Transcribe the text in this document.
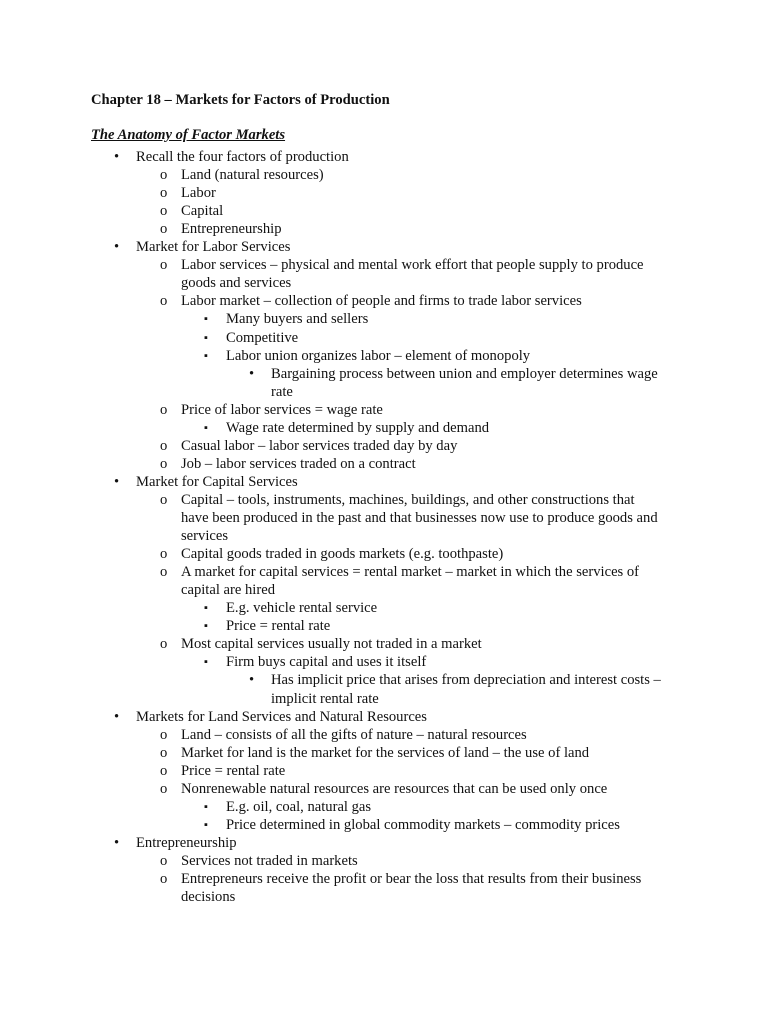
Chapter 18 – Markets for Factors of Production
The Anatomy of Factor Markets
• Recall the four factors of production
o Land (natural resources)
o Labor
o Capital
o Entrepreneurship
• Market for Labor Services
o Labor services – physical and mental work effort that people supply to produce
goods and services
o Labor market – collection of people and firms to trade labor services
▪ Many buyers and sellers
▪ Competitive
▪ Labor union organizes labor – element of monopoly
• Bargaining process between union and employer determines wage
rate
o Price of labor services = wage rate
▪ Wage rate determined by supply and demand
o Casual labor – labor services traded day by day
o Job – labor services traded on a contract
• Market for Capital Services
o Capital – tools, instruments, machines, buildings, and other constructions that
have been produced in the past and that businesses now use to produce goods and
services
o Capital goods traded in goods markets (e.g. toothpaste)
o A market for capital services = rental market – market in which the services of
capital are hired
▪ E.g. vehicle rental service
▪ Price = rental rate
o Most capital services usually not traded in a market
▪ Firm buys capital and uses it itself
• Has implicit price that arises from depreciation and interest costs –
implicit rental rate
• Markets for Land Services and Natural Resources
o Land – consists of all the gifts of nature – natural resources
o Market for land is the market for the services of land – the use of land
o Price = rental rate
o Nonrenewable natural resources are resources that can be used only once
▪ E.g. oil, coal, natural gas
▪ Price determined in global commodity markets – commodity prices
• Entrepreneurship
o Services not traded in markets
o Entrepreneurs receive the profit or bear the loss that results from their business
decisions
